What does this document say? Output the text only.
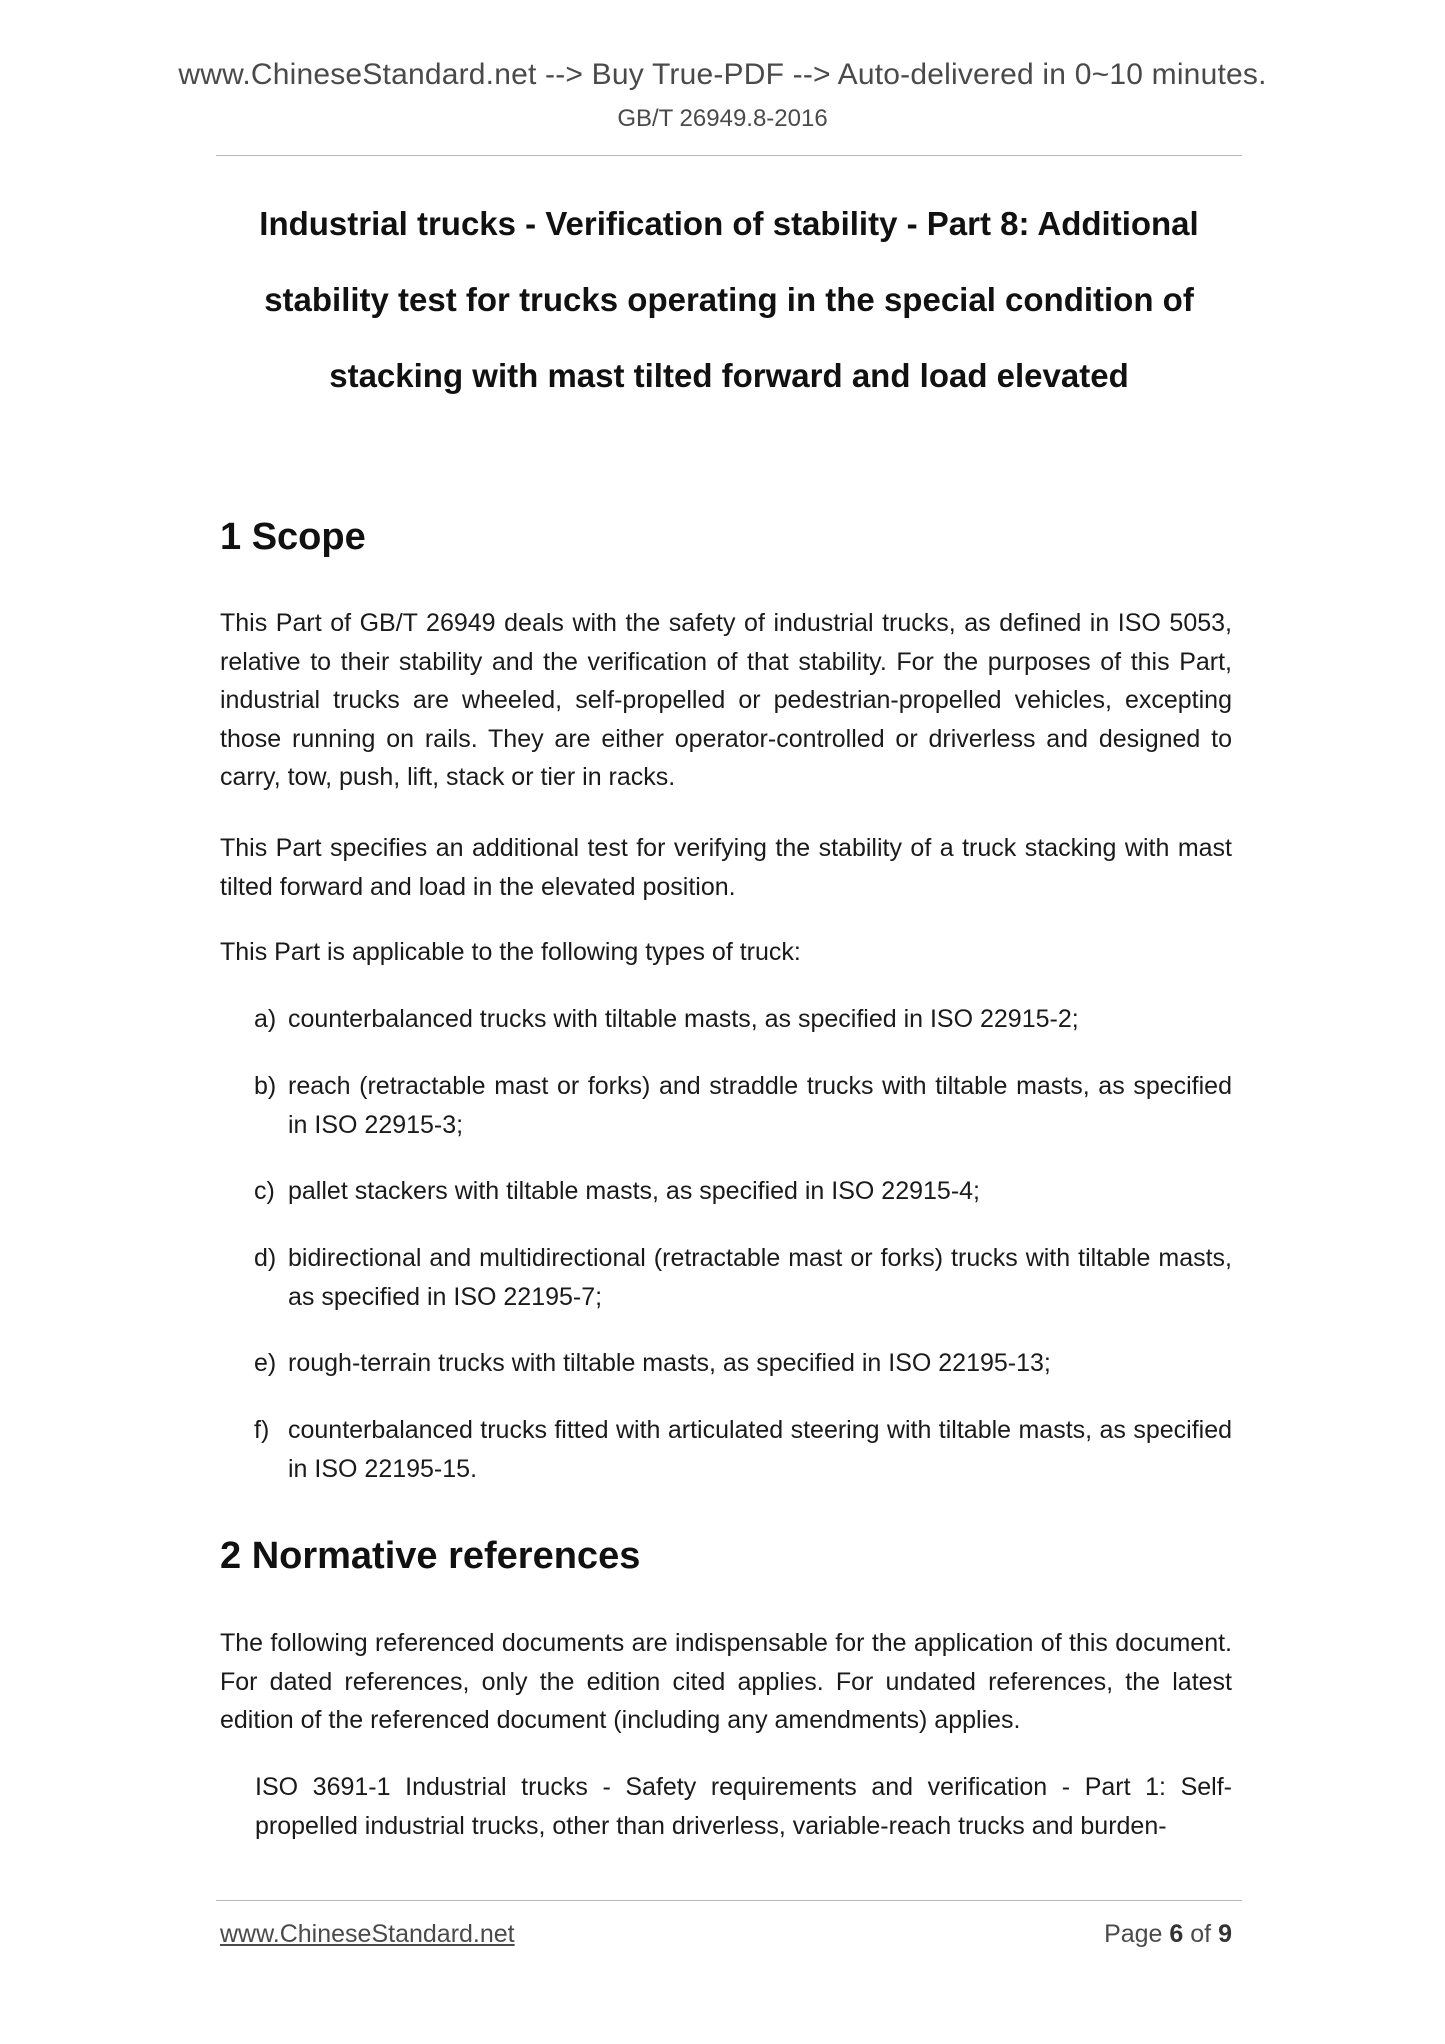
www.ChineseStandard.net --> Buy True-PDF --> Auto-delivered in 0~10 minutes.
GB/T 26949.8-2016
Industrial trucks - Verification of stability - Part 8: Additional
stability test for trucks operating in the special condition of
stacking with mast tilted forward and load elevated
1 Scope

This Part of GB/T 26949 deals with the safety of industrial trucks, as defined in ISO 5053, relative to their stability and the verification of that stability. For the purposes of this Part, industrial trucks are wheeled, self-propelled or pedestrian-propelled vehicles, excepting those running on rails. They are either operator-controlled or driverless and designed to carry, tow, push, lift, stack or tier in racks.

This Part specifies an additional test for verifying the stability of a truck stacking with mast tilted forward and load in the elevated position.

This Part is applicable to the following types of truck:

a) counterbalanced trucks with tiltable masts, as specified in ISO 22915-2;
b) reach (retractable mast or forks) and straddle trucks with tiltable masts, as specified in ISO 22915-3;
c) pallet stackers with tiltable masts, as specified in ISO 22915-4;
d) bidirectional and multidirectional (retractable mast or forks) trucks with tiltable masts, as specified in ISO 22195-7;
e) rough-terrain trucks with tiltable masts, as specified in ISO 22195-13;
f) counterbalanced trucks fitted with articulated steering with tiltable masts, as specified in ISO 22195-15.
2 Normative references

The following referenced documents are indispensable for the application of this document. For dated references, only the edition cited applies. For undated references, the latest edition of the referenced document (including any amendments) applies.

ISO 3691-1 Industrial trucks - Safety requirements and verification - Part 1: Self-propelled industrial trucks, other than driverless, variable-reach trucks and burden-
www.ChineseStandard.net	Page 6 of 9
